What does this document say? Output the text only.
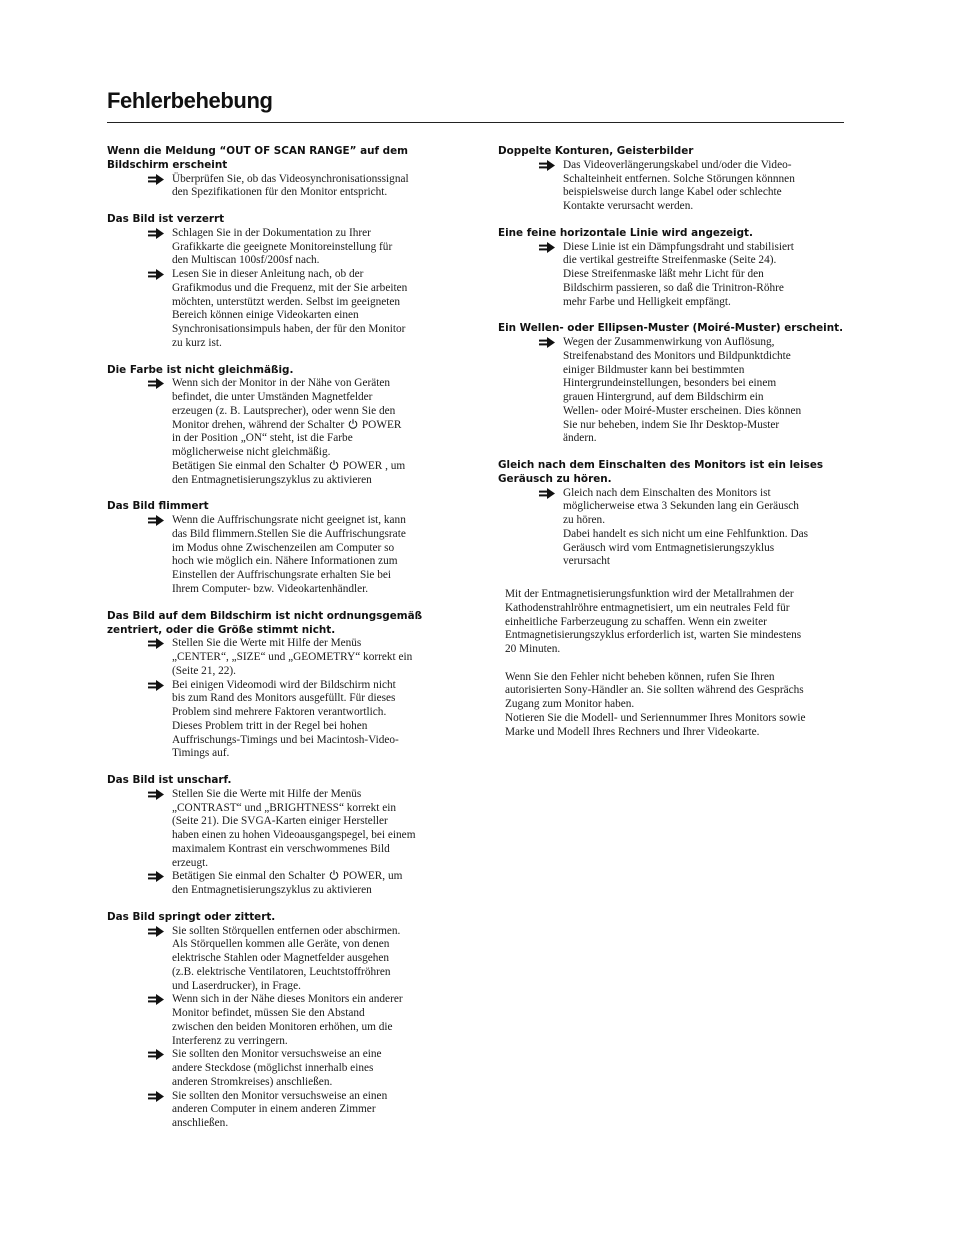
Fehlerbehebung
Wenn die Meldung “OUT OF SCAN RANGE” auf dem
Bildschirm erscheint
Überprüfen Sie, ob das Videosynchronisationssignal
den Spezifikationen für den Monitor entspricht.
Das Bild ist verzerrt
Schlagen Sie in der Dokumentation zu Ihrer
Grafikkarte die geeignete Monitoreinstellung für
den Multiscan 100sf/200sf nach.
Lesen Sie in dieser Anleitung nach, ob der
Grafikmodus und die Frequenz, mit der Sie arbeiten
möchten, unterstützt werden. Selbst im geeigneten
Bereich können einige Videokarten einen
Synchronisationsimpuls haben, der für den Monitor
zu kurz ist.
Die Farbe ist nicht gleichmäßig.
Wenn sich der Monitor in der Nähe von Geräten
befindet, die unter Umständen Magnetfelder
erzeugen (z. B. Lautsprecher), oder wenn Sie den
Monitor drehen, während der Schalter POWER
in der Position „ON“ steht, ist die Farbe
möglicherweise nicht gleichmäßig.
Betätigen Sie einmal den Schalter POWER , um
den Entmagnetisierungszyklus zu aktivieren
Das Bild flimmert
Wenn die Auffrischungsrate nicht geeignet ist, kann
das Bild flimmern.Stellen Sie die Auffrischungsrate
im Modus ohne Zwischenzeilen am Computer so
hoch wie möglich ein. Nähere Informationen zum
Einstellen der Auffrischungsrate erhalten Sie bei
Ihrem Computer- bzw. Videokartenhändler.
Das Bild auf dem Bildschirm ist nicht ordnungsgemäß
zentriert, oder die Größe stimmt nicht.
Stellen Sie die Werte mit Hilfe der Menüs
„CENTER“, „SIZE“ und „GEOMETRY“ korrekt ein
(Seite 21, 22).
Bei einigen Videomodi wird der Bildschirm nicht
bis zum Rand des Monitors ausgefüllt. Für dieses
Problem sind mehrere Faktoren verantwortlich.
Dieses Problem tritt in der Regel bei hohen
Auffrischungs-Timings und bei Macintosh-Video-
Timings auf.
Das Bild ist unscharf.
Stellen Sie die Werte mit Hilfe der Menüs
„CONTRAST“ und „BRIGHTNESS“ korrekt ein
(Seite 21). Die SVGA-Karten einiger Hersteller
haben einen zu hohen Videoausgangspegel, bei einem
maximalem Kontrast ein verschwommenes Bild
erzeugt.
Betätigen Sie einmal den Schalter POWER, um
den Entmagnetisierungszyklus zu aktivieren
Das Bild springt oder zittert.
Sie sollten Störquellen entfernen oder abschirmen.
Als Störquellen kommen alle Geräte, von denen
elektrische Stahlen oder Magnetfelder ausgehen
(z.B. elektrische Ventilatoren, Leuchtstoffröhren
und Laserdrucker), in Frage.
Wenn sich in der Nähe dieses Monitors ein anderer
Monitor befindet, müssen Sie den Abstand
zwischen den beiden Monitoren erhöhen, um die
Interferenz zu verringern.
Sie sollten den Monitor versuchsweise an eine
andere Steckdose (möglichst innerhalb eines
anderen Stromkreises) anschließen.
Sie sollten den Monitor versuchsweise an einen
anderen Computer in einem anderen Zimmer
anschließen.
Doppelte Konturen, Geisterbilder
Das Videoverlängerungskabel und/oder die Video-
Schalteinheit entfernen. Solche Störungen könnnen
beispielsweise durch lange Kabel oder schlechte
Kontakte verursacht werden.
Eine feine horizontale Linie wird angezeigt.
Diese Linie ist ein Dämpfungsdraht und stabilisiert
die vertikal gestreifte Streifenmaske (Seite 24).
Diese Streifenmaske läßt mehr Licht für den
Bildschirm passieren, so daß die Trinitron-Röhre
mehr Farbe und Helligkeit empfängt.
Ein Wellen- oder Ellipsen-Muster (Moiré-Muster) erscheint.
Wegen der Zusammenwirkung von Auflösung,
Streifenabstand des Monitors und Bildpunktdichte
einiger Bildmuster kann bei bestimmten
Hintergrundeinstellungen, besonders bei einem
grauen Hintergrund, auf dem Bildschirm ein
Wellen- oder Moiré-Muster erscheinen. Dies können
Sie nur beheben, indem Sie Ihr Desktop-Muster
ändern.
Gleich nach dem Einschalten des Monitors ist ein leises
Geräusch zu hören.
Gleich nach dem Einschalten des Monitors ist
möglicherweise etwa 3 Sekunden lang ein Geräusch
zu hören.
Dabei handelt es sich nicht um eine Fehlfunktion. Das
Geräusch wird vom Entmagnetisierungszyklus
verursacht
Mit der Entmagnetisierungsfunktion wird der Metallrahmen der
Kathodenstrahlröhre entmagnetisiert, um ein neutrales Feld für
einheitliche Farberzeugung zu schaffen. Wenn ein zweiter
Entmagnetisierungszyklus erforderlich ist, warten Sie mindestens
20 Minuten.
Wenn Sie den Fehler nicht beheben können, rufen Sie Ihren
autorisierten Sony-Händler an. Sie sollten während des Gesprächs
Zugang zum Monitor haben.
Notieren Sie die Modell- und Seriennummer Ihres Monitors sowie
Marke und Modell Ihres Rechners und Ihrer Videokarte.
